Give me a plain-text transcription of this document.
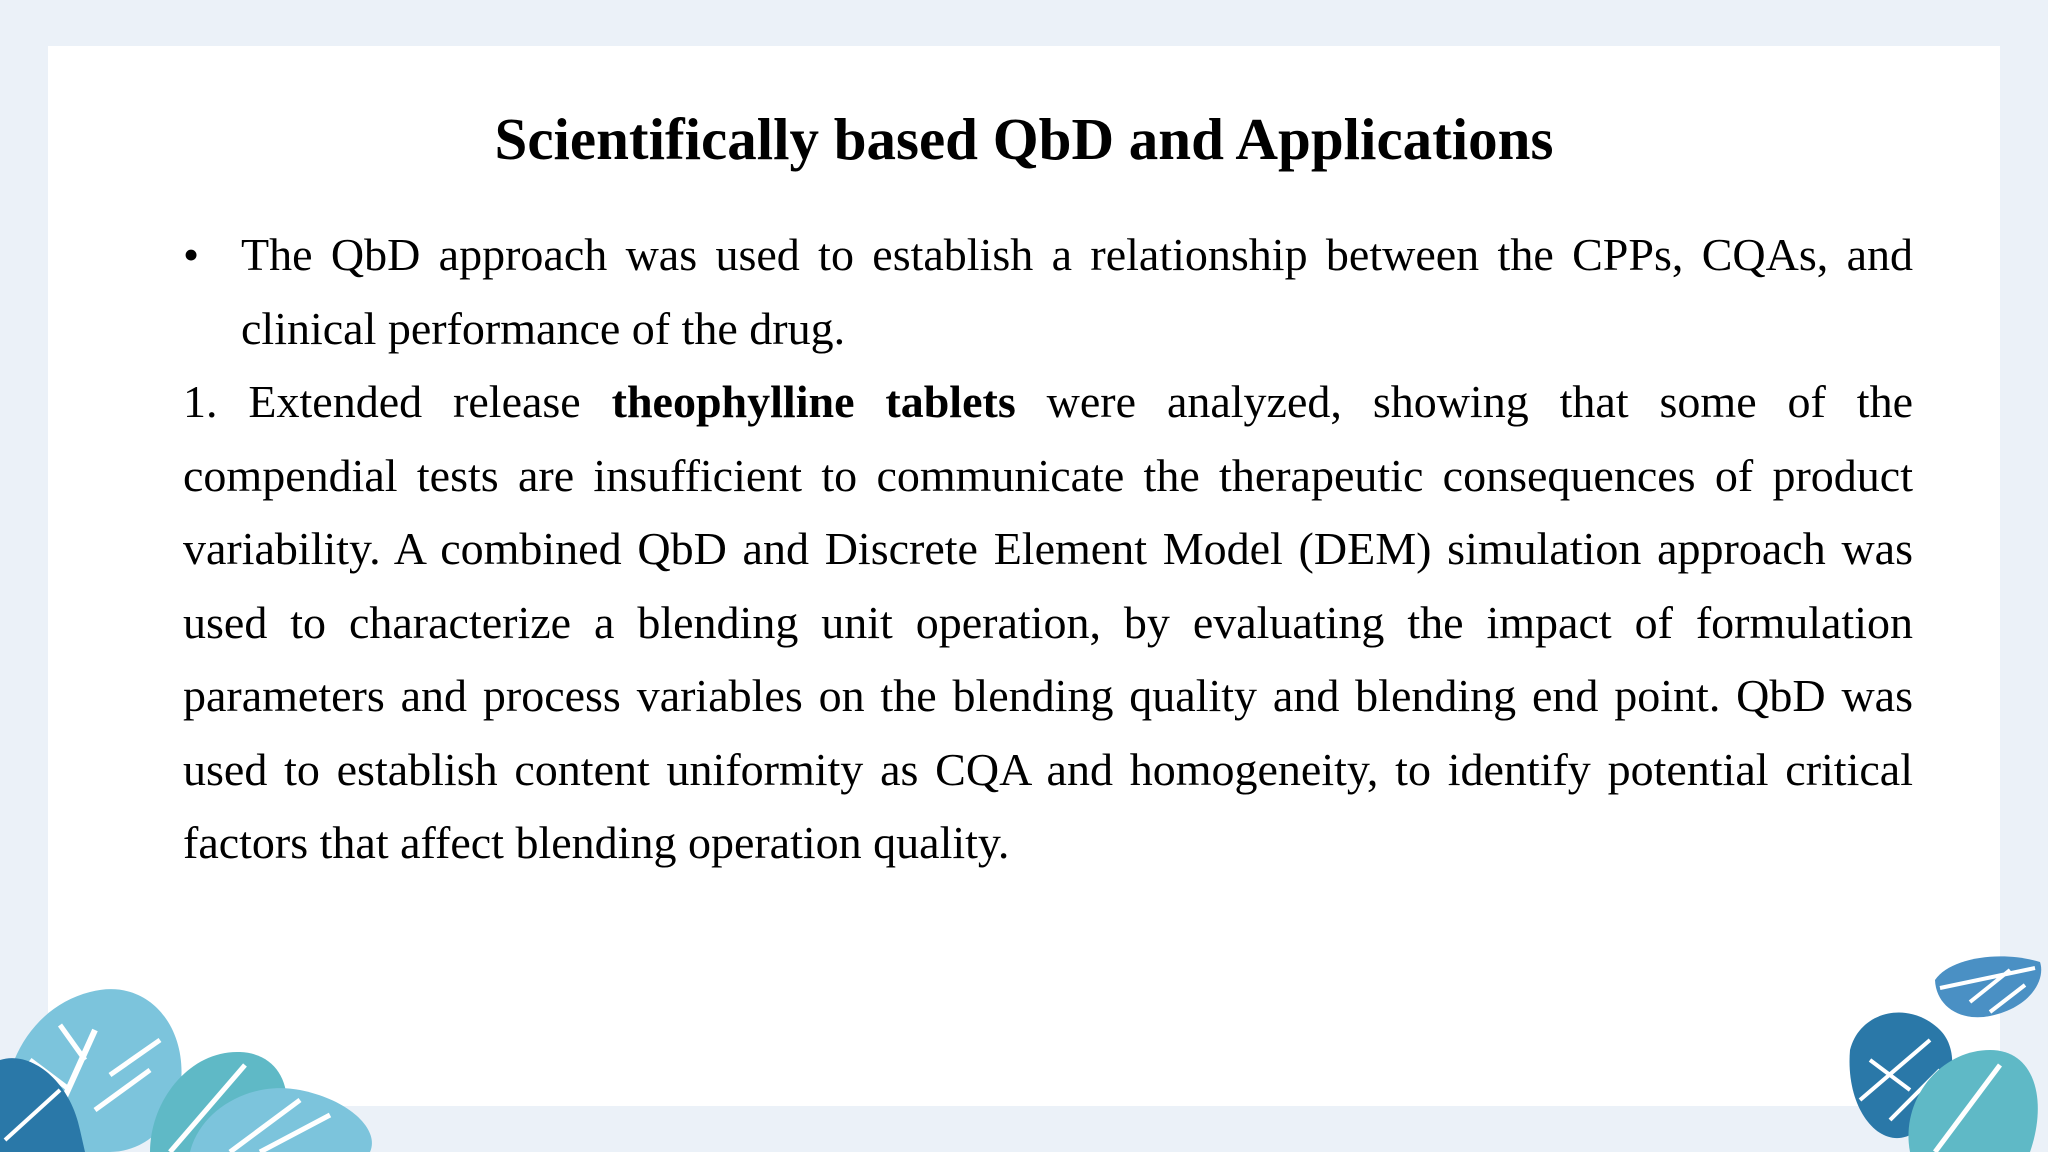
Scientifically based QbD and Applications
• The QbD approach was used to establish a relationship between the CPPs, CQAs, and clinical performance of the drug.

1. Extended release theophylline tablets were analyzed, showing that some of the compendial tests are insufficient to communicate the therapeutic consequences of product variability. A combined QbD and Discrete Element Model (DEM) simulation approach was used to characterize a blending unit operation, by evaluating the impact of formulation parameters and process variables on the blending quality and blending end point. QbD was used to establish content uniformity as CQA and homogeneity, to identify potential critical factors that affect blending operation quality.
